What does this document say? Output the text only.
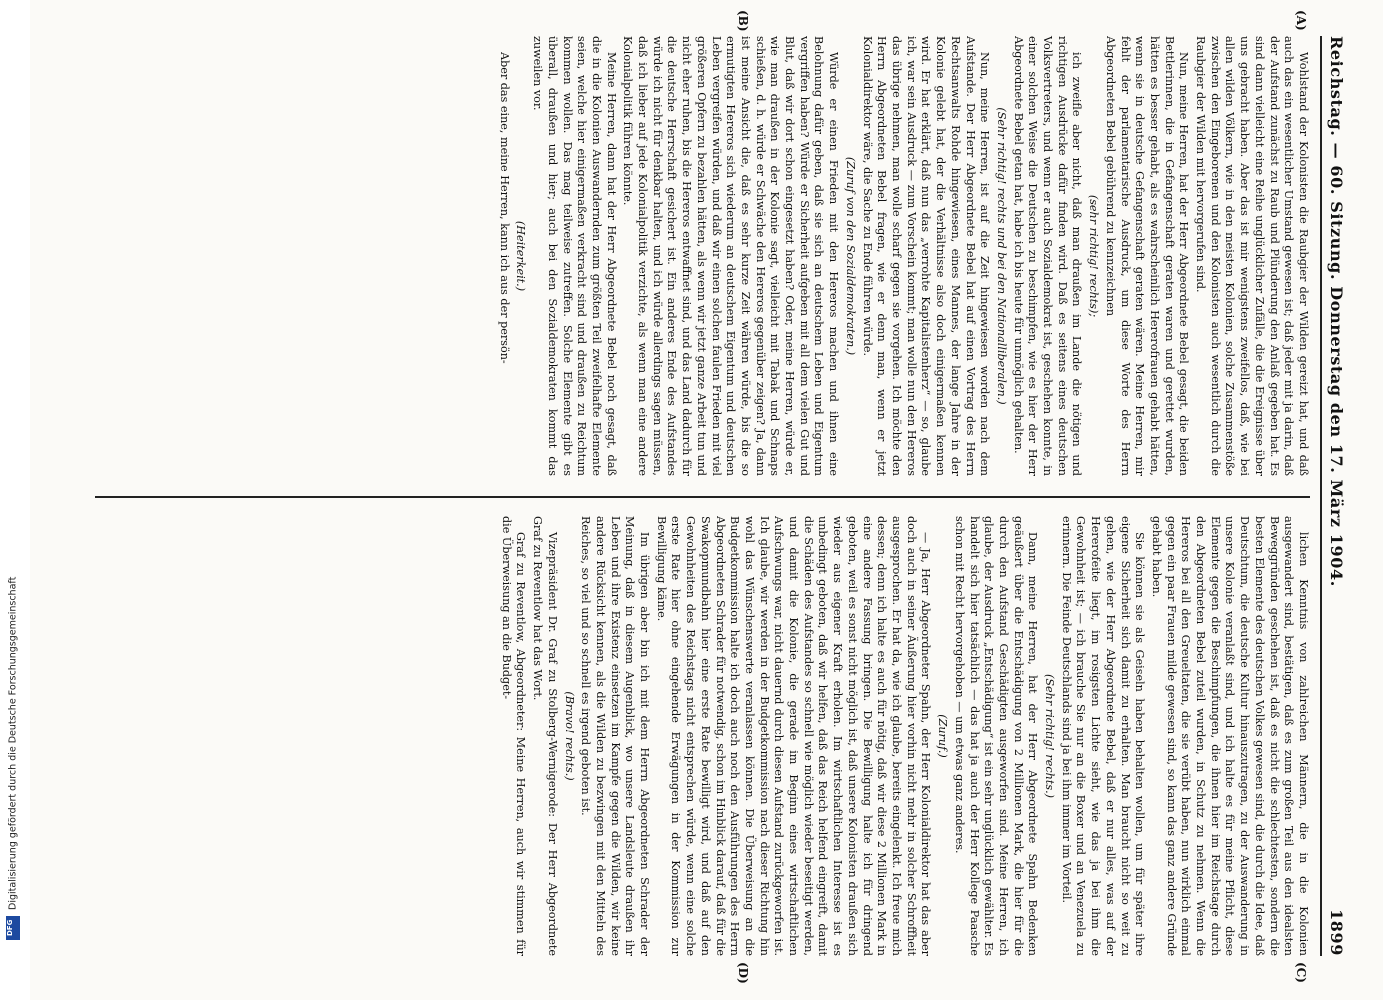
DFG
Digitalisierung gefördert durch die Deutsche Forschungsgemeinschaft
Reichstag. — 60. Sitzung. Donnerstag den 17. März 1904.
1899
(A)
(B)
(C)
(D)

Wohlstand der Kolonisten die Raubgier der Wilden gereizt hat, und daß auch das ein wesentlicher Umstand gewesen ist; daß jeder mit ja darin, daß der Aufstand zunächst zu Raub und Plünderung den Anlaß gegeben hat. Es sind dann vielleicht eine Reihe unglücklicher Zufälle, die die Ereignisse über uns gebracht haben. Aber das ist mir wenigstens zweifellos, daß, wie bei allen wilden Völkern, wie in den meisten Kolonien, solche Zusammenstöße zwischen den Eingeborenen und den Kolonisten auch wesentlich durch die Raubgier der Wilden mit hervorgerufen sind.

Nun, meine Herren, hat der Herr Abgeordnete Bebel gesagt, die beiden Bettlerinnen, die in Gefangenschaft geraten waren und gerettet wurden, hätten es besser gehabt, als es wahrscheinlich Hererofrauen gehabt hätten, wenn sie in deutsche Gefangenschaft geraten wären. Meine Herren, mir fehlt der parlamentarische Ausdruck, um diese Worte des Herrn Abgeordneten Bebel gebührend zu kennzeichnen

(sehr richtig! rechts);

ich zweifle aber nicht, daß man draußen im Lande die nötigen und richtigen Ausdrücke dafür finden wird. Daß es seitens eines deutschen Volksvertreters, und wenn er auch Sozialdemokrat ist, geschehen konnte, in einer solchen Weise die Deutschen zu beschimpfen, wie es hier der Herr Abgeordnete Bebel getan hat, habe ich bis heute für unmöglich gehalten.

(Sehr richtig! rechts und bei den Nationalliberalen.)

Nun, meine Herren, ist auf die Zeit hingewiesen worden nach dem Aufstande. Der Herr Abgeordnete Bebel hat auf einen Vortrag des Herrn Rechtsanwalts Rohde hingewiesen, eines Mannes, der lange Jahre in der Kolonie gelebt hat, der die Verhältnisse also doch einigermaßen kennen wird. Er hat erklärt, daß nun das „verrohte Kapitalistenherz“ — so, glaube ich, war sein Ausdruck — zum Vorschein kommt; man wolle nun den Hereros das übrige nehmen, man wolle scharf gegen sie vorgehen. Ich möchte den Herrn Abgeordneten Bebel fragen, wie er denn man, wenn er jetzt Kolonialdirektor wäre, die Sache zu Ende führen würde.

(Zuruf von den Sozialdemokraten.)

Würde er einen Frieden mit den Hereros machen und ihnen eine Belohnung dafür geben, daß sie sich an deutschem Leben und Eigentum vergriffen haben? Würde er Sicherheit aufgeben mit all dem vielen Gut und Blut, daß wir dort schon eingesetzt haben? Oder, meine Herren, würde er, wie man draußen in der Kolonie sagt, vielleicht mit Tabak und Schnaps schießen, d. h. würde er Schwäche den Hereros gegenüber zeigen? Ja, dann ist meine Ansicht die, daß es sehr kurze Zeit währen würde, bis die so ermutigten Hereros sich wiederum an deutschem Eigentum und deutschen Leben vergreifen würden, und daß wir einen solchen faulen Frieden mit viel größeren Opfern zu bezahlen hätten, als wenn wir jetzt ganze Arbeit tun und nicht eher ruhen, bis die Hereros entwaffnet sind, und das Land dadurch für die deutsche Herrschaft gesichert ist. Ein anderes Ende des Aufstandes würde ich nicht für denkbar halten, und ich würde allerdings sagen müssen, daß ich lieber auf jede Kolonialpolitik verzichte, als wenn man eine andere Kolonialpolitik führen könnte.

Meine Herren, dann hat der Herr Abgeordnete Bebel noch gesagt, daß die in die Kolonien Auswandernden zum größten Teil zweifelhafte Elemente seien, welche hier einigermaßen verkracht sind und draußen zu Reichtum kommen wollen. Das mag teilweise zutreffen. Solche Elemente gibt es überall, draußen und hier; auch bei den Sozialdemokraten kommt das zuweilen vor.

(Heiterkeit.)

Aber das eine, meine Herren, kann ich aus der persön-

lichen Kenntnis von zahlreichen Männern, die in die Kolonien ausgewandert sind, bestätigen, daß es zum großen Teil aus den idealsten Beweggründen geschehen ist, daß es nicht die schlechtesten, sondern die besten Elemente des deutschen Volkes gewesen sind, die durch die Idee, daß Deutschtum, die deutsche Kultur hinauszutragen, zu der Auswanderung in unsere Kolonie veranlaßt sind, und ich halte es für meine Pflicht, diese Elemente gegen die Beschimpfungen, die ihnen hier im Reichstage durch den Abgeordneten Bebel zuteil wurden, in Schutz zu nehmen. Wenn die Hereros bei all den Greueltaten, die sie verübt haben, nun wirklich einmal gegen ein paar Frauen milde gewesen sind, so kann das ganz andere Gründe gehabt haben.

Sie können sie als Geiseln haben behalten wollen, um für später ihre eigene Sicherheit sich damit zu erhalten. Man braucht nicht so weit zu gehen, wie der Herr Abgeordnete Bebel, daß er nur alles, was auf der Hererofeite liegt, im rosigsten Lichte sieht, wie das ja bei ihm die Gewohnheit ist; — ich brauche Sie nur an die Boxer und an Venezuela zu erinnern. Die Feinde Deutschlands sind ja bei ihm immer im Vorteil.

(Sehr richtig! rechts.)

Dann, meine Herren, hat der Herr Abgeordnete Spahn Bedenken geäußert über die Entschädigung von 2 Millionen Mark, die hier für die durch den Aufstand Geschädigten ausgeworfen sind. Meine Herren, ich glaube, der Ausdruck „Entschädigung“ ist ein sehr unglücklich gewählter. Es handelt sich hier tatsächlich — das hat ja auch der Herr Kollege Paasche schon mit Recht hervorgehoben — um etwas ganz anderes.

(Zuruf.)

— Ja, Herr Abgeordneter Spahn, der Herr Kolonialdirektor hat das aber doch auch in seiner Äußerung hier vorhin nicht mehr in solcher Schroffheit ausgesprochen. Er hat da, wie ich glaube, bereits eingelenkt. Ich freue mich dessen; denn ich halte es auch für nötig, daß wir diese 2 Millionen Mark in eine andere Fassung bringen. Die Bewilligung halte ich für dringend geboten, weil es sonst nicht möglich ist, daß unsere Kolonisten draußen sich wieder aus eigener Kraft erholen. Im wirtschaftlichen Interesse ist es unbedingt geboten, daß wir helfen, daß das Reich helfend eingreift, damit die Schäden des Aufstandes so schnell wie möglich wieder beseitigt werden, und damit die Kolonie, die gerade im Beginn eines wirtschaftlichen Aufschwungs war, nicht dauernd durch diesen Aufstand zurückgeworfen ist. Ich glaube, wir werden in der Budgetkommission nach dieser Richtung hin wohl das Wünschenswerte veranlassen können. Die Überweisung an die Budgetkommission halte ich doch auch noch den Ausführungen des Herrn Abgeordneten Schrader für notwendig, schon im Hinblick darauf, daß für die Swakopmundbahn hier eine erste Rate bewilligt wird, und daß auf den Gewohnheiten des Reichstags nicht entsprechen würde, wenn eine solche erste Rate hier ohne eingehende Erwägungen in der Kommission zur Bewilligung käme.

Im übrigen aber bin ich mit dem Herrn Abgeordneten Schrader der Meinung, daß in diesem Augenblick, wo unsere Landsleute draußen ihr Leben und ihre Existenz einsetzen im Kampfe gegen die Wilden, wir keine andere Rücksicht kennen, als die Wilden zu bezwingen mit den Mitteln des Reiches, so viel und so schnell es irgend geboten ist.

(Bravo! rechts.)

Vizepräsident Dr. Graf zu Stolberg-Wernigerode: Der Herr Abgeordnete Graf zu Reventlow hat das Wort.

Graf zu Reventlow, Abgeordneter: Meine Herren, auch wir stimmen für die Überweisung an die Budget-
